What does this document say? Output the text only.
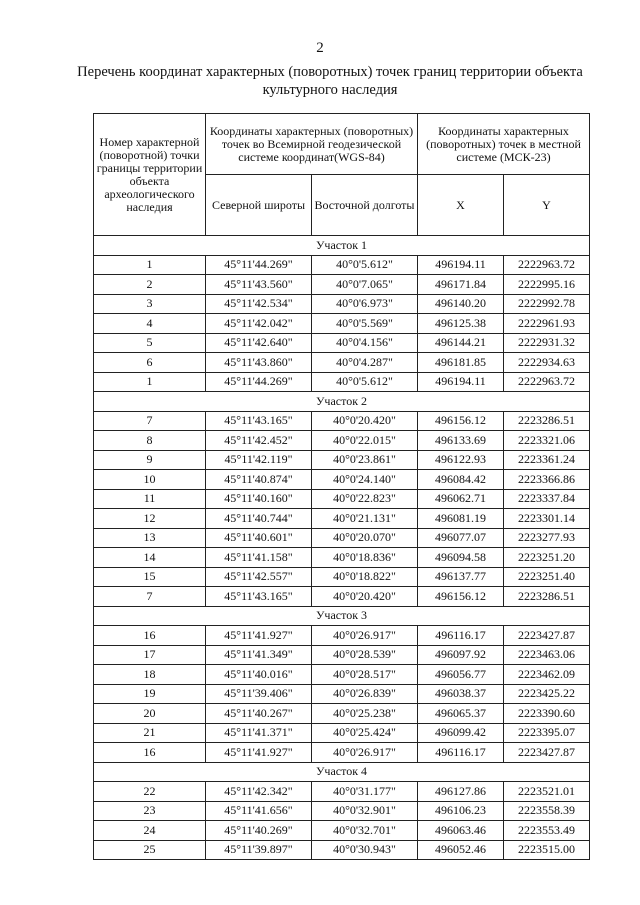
2
Перечень координат характерных (поворотных) точек границ территории объекта культурного наследия
Номер характерной (поворотной) точки границы территории объекта археологического наследия	Координаты характерных (поворотных) точек во Всемирной геодезической системе координат(WGS-84)		Координаты характерных (поворотных) точек в местной системе (МСК-23)	
	Северной широты	Восточной долготы	X	Y
Участок 1				
1	45°11'44.269"	40°0'5.612"	496194.11	2222963.72
2	45°11'43.560"	40°0'7.065"	496171.84	2222995.16
3	45°11'42.534"	40°0'6.973"	496140.20	2222992.78
4	45°11'42.042"	40°0'5.569"	496125.38	2222961.93
5	45°11'42.640"	40°0'4.156"	496144.21	2222931.32
6	45°11'43.860"	40°0'4.287"	496181.85	2222934.63
1	45°11'44.269"	40°0'5.612"	496194.11	2222963.72
Участок 2				
7	45°11'43.165"	40°0'20.420"	496156.12	2223286.51
8	45°11'42.452"	40°0'22.015"	496133.69	2223321.06
9	45°11'42.119"	40°0'23.861"	496122.93	2223361.24
10	45°11'40.874"	40°0'24.140"	496084.42	2223366.86
11	45°11'40.160"	40°0'22.823"	496062.71	2223337.84
12	45°11'40.744"	40°0'21.131"	496081.19	2223301.14
13	45°11'40.601"	40°0'20.070"	496077.07	2223277.93
14	45°11'41.158"	40°0'18.836"	496094.58	2223251.20
15	45°11'42.557"	40°0'18.822"	496137.77	2223251.40
7	45°11'43.165"	40°0'20.420"	496156.12	2223286.51
Участок 3				
16	45°11'41.927"	40°0'26.917"	496116.17	2223427.87
17	45°11'41.349"	40°0'28.539"	496097.92	2223463.06
18	45°11'40.016"	40°0'28.517"	496056.77	2223462.09
19	45°11'39.406"	40°0'26.839"	496038.37	2223425.22
20	45°11'40.267"	40°0'25.238"	496065.37	2223390.60
21	45°11'41.371"	40°0'25.424"	496099.42	2223395.07
16	45°11'41.927"	40°0'26.917"	496116.17	2223427.87
Участок 4				
22	45°11'42.342"	40°0'31.177"	496127.86	2223521.01
23	45°11'41.656"	40°0'32.901"	496106.23	2223558.39
24	45°11'40.269"	40°0'32.701"	496063.46	2223553.49
25	45°11'39.897"	40°0'30.943"	496052.46	2223515.00
